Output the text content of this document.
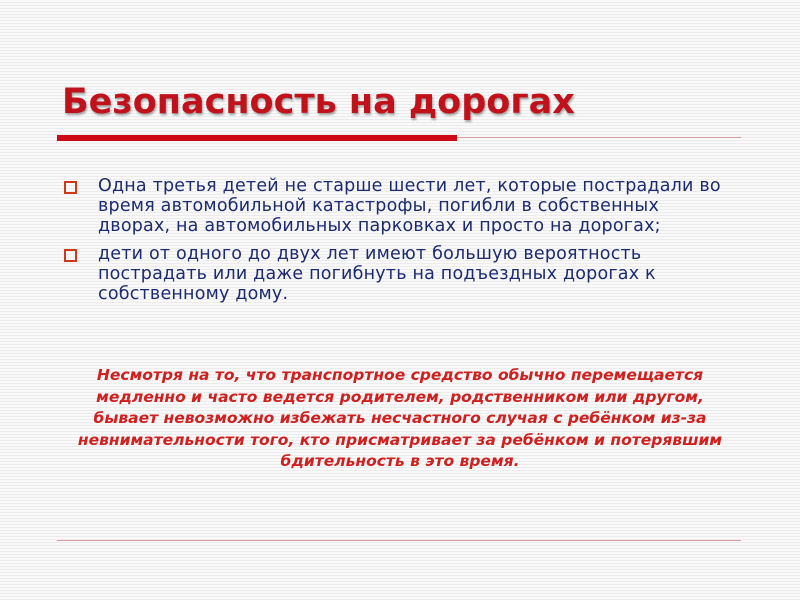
Безопасность на дорогах
Одна третья детей не старше шести лет, которые пострадали во время автомобильной катастрофы, погибли в собственных дворах, на автомобильных парковках и просто на дорогах;
дети от одного до двух лет имеют большую вероятность пострадать или даже погибнуть на подъездных дорогах к собственному дому.

Несмотря на то, что транспортное средство обычно перемещается медленно и часто ведется родителем, родственником или другом, бывает невозможно избежать несчастного случая с ребёнком из-за невнимательности того, кто присматривает за ребёнком и потерявшим бдительность в это время.
